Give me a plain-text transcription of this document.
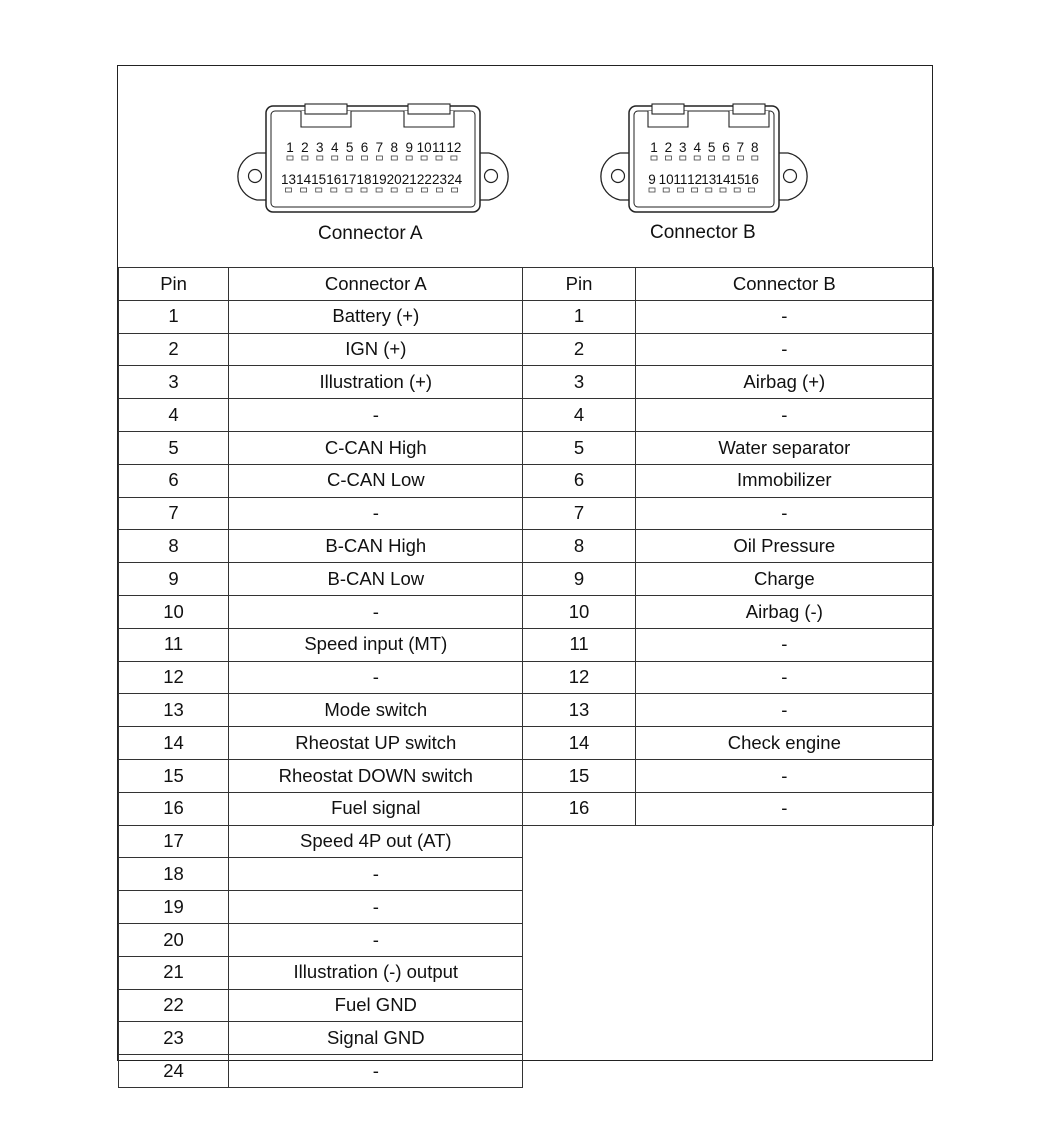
1 2 3 4 5 6 7 8 9 10 11 12
13 14 15 16 17 18 19 20 21 22 23 24
1 2 3 4 5 6 7 8
9 10 11 12 13 14 15 16
Connector A	Connector B
Pin	Connector A	Pin	Connector B
1	Battery (+)	1	-
2	IGN (+)	2	-
3	Illustration (+)	3	Airbag (+)
4	-	4	-
5	C-CAN High	5	Water separator
6	C-CAN Low	6	Immobilizer
7	-	7	-
8	B-CAN High	8	Oil Pressure
9	B-CAN Low	9	Charge
10	-	10	Airbag (-)
11	Speed input (MT)	11	-
12	-	12	-
13	Mode switch	13	-
14	Rheostat UP switch	14	Check engine
15	Rheostat DOWN switch	15	-
16	Fuel signal	16	-
17	Speed 4P out (AT)		
18	-		
19	-		
20	-		
21	Illustration (-) output		
22	Fuel GND		
23	Signal GND		
24	-		
